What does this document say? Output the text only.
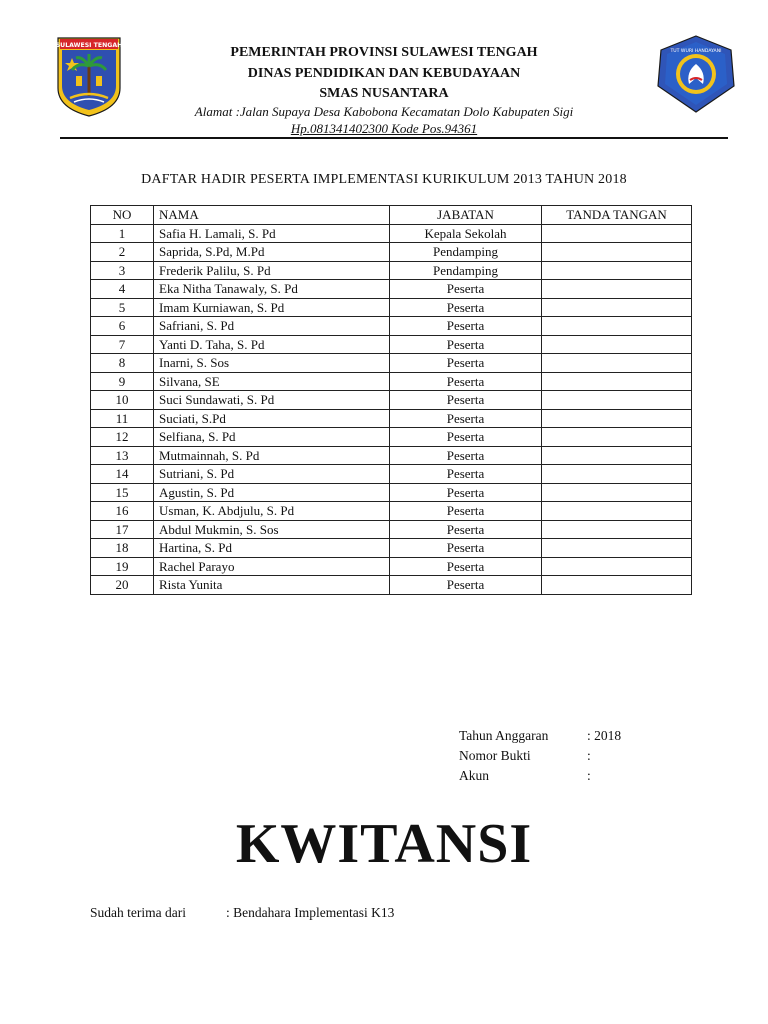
SULAWESI TENGAH
TUT WURI HANDAYANI
PEMERINTAH PROVINSI SULAWESI TENGAH
DINAS PENDIDIKAN DAN KEBUDAYAAN
SMAS NUSANTARA
Alamat :Jalan Supaya Desa Kabobona Kecamatan Dolo Kabupaten Sigi
Hp.081341402300 Kode Pos.94361
DAFTAR HADIR PESERTA IMPLEMENTASI KURIKULUM 2013 TAHUN 2018
NO	NAMA	JABATAN	TANDA TANGAN
1	Safia H. Lamali, S. Pd	Kepala Sekolah	
2	Saprida, S.Pd, M.Pd	Pendamping	
3	Frederik Palilu, S. Pd	Pendamping	
4	Eka Nitha Tanawaly, S. Pd	Peserta	
5	Imam Kurniawan, S. Pd	Peserta	
6	Safriani, S. Pd	Peserta	
7	Yanti D. Taha, S. Pd	Peserta	
8	Inarni, S. Sos	Peserta	
9	Silvana, SE	Peserta	
10	Suci Sundawati, S. Pd	Peserta	
11	Suciati, S.Pd	Peserta	
12	Selfiana, S. Pd	Peserta	
13	Mutmainnah, S. Pd	Peserta	
14	Sutriani, S. Pd	Peserta	
15	Agustin, S. Pd	Peserta	
16	Usman, K. Abdjulu, S. Pd	Peserta	
17	Abdul Mukmin, S. Sos	Peserta	
18	Hartina, S. Pd	Peserta	
19	Rachel Parayo	Peserta	
20	Rista Yunita	Peserta	
Tahun Anggaran	: 2018
Nomor Bukti	:
Akun	:
KWITANSI
Sudah terima dari	: Bendahara Implementasi K13
